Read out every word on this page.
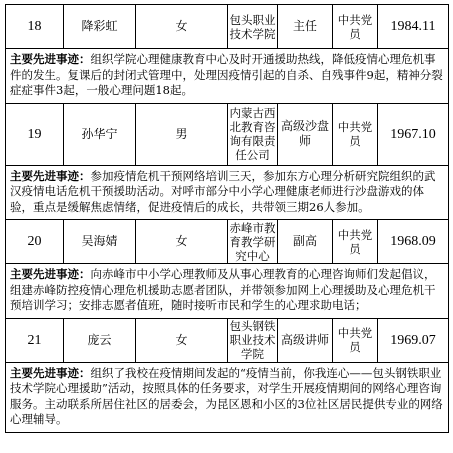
18	降彩虹	女	包头职业技术学院	主任	中共党员	1984.11
主要先进事迹：组织学院心理健康教育中心及时开通援助热线，降低疫情心理危机事件的发生。复课后的封闭式管理中，处理因疫情引起的自杀、自残事件9起，精神分裂症症事件3起，一般心理问题18起。						
19	孙华宁	男	内蒙古西北教育咨询有限责任公司	高级沙盘师	中共党员	1967.10
主要先进事迹：参加疫情危机干预网络培训三天，参加东方心理分析研究院组织的武汉疫情电话危机干预援助活动。对呼市部分中小学心理健康老师进行沙盘游戏的体验，重点是缓解焦虑情绪，促进疫情后的成长，共带领三期26人参加。						
20	吴海婧	女	赤峰市教育教学研究中心	副高	中共党员	1968.09
主要先进事迹：向赤峰市中小学心理教师及从事心理教育的心理咨询师们发起倡议，组建赤峰防控疫情心理危机援助志愿者团队，并带领参加网上心理援助及心理危机干预培训学习；安排志愿者值班，随时接听市民和学生的心理求助电话；						
21	庞云	女	包头钢铁职业技术学院	高级讲师	中共党员	1969.07
主要先进事迹：组织了我校在疫情期间发起的“疫情当前，你我连心——包头钢铁职业技术学院心理援助”活动，按照具体的任务要求，对学生开展疫情期间的网络心理咨询服务。主动联系所居住社区的居委会，为昆区恩和小区的3位社区居民提供专业的网络心理辅导。						
